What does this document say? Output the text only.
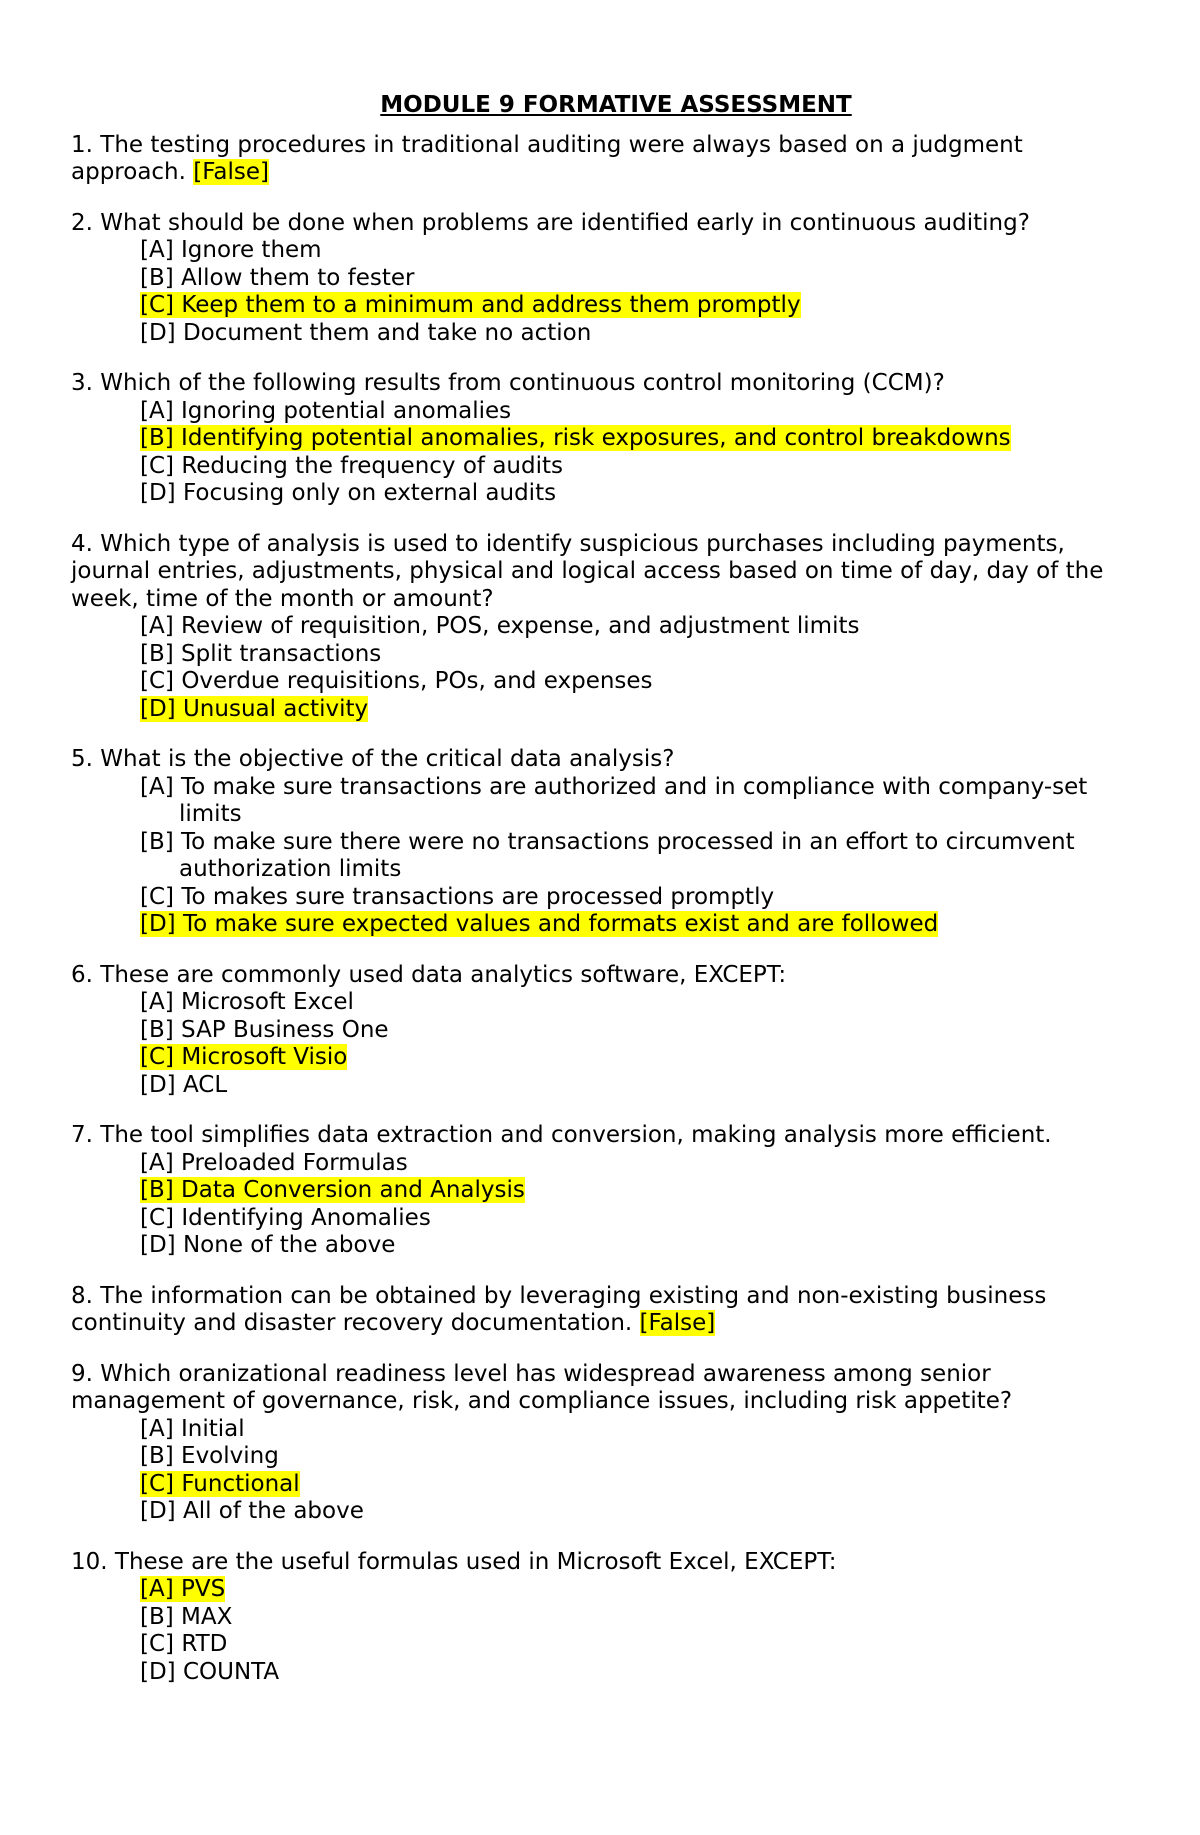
MODULE 9 FORMATIVE ASSESSMENT

1. The testing procedures in traditional auditing were always based on a judgment approach. [False]

2. What should be done when problems are identified early in continuous auditing?

[A] Ignore them
[B] Allow them to fester
[C] Keep them to a minimum and address them promptly
[D] Document them and take no action

3. Which of the following results from continuous control monitoring (CCM)?

[A] Ignoring potential anomalies
[B] Identifying potential anomalies, risk exposures, and control breakdowns
[C] Reducing the frequency of audits
[D] Focusing only on external audits

4. Which type of analysis is used to identify suspicious purchases including payments, journal entries, adjustments, physical and logical access based on time of day, day of the week, time of the month or amount?

[A] Review of requisition, POS, expense, and adjustment limits
[B] Split transactions
[C] Overdue requisitions, POs, and expenses
[D] Unusual activity

5. What is the objective of the critical data analysis?

[A] To make sure transactions are authorized and in compliance with company-set limits
[B] To make sure there were no transactions processed in an effort to circumvent authorization limits
[C] To makes sure transactions are processed promptly
[D] To make sure expected values and formats exist and are followed

6. These are commonly used data analytics software, EXCEPT:

[A] Microsoft Excel
[B] SAP Business One
[C] Microsoft Visio
[D] ACL

7. The tool simplifies data extraction and conversion, making analysis more efficient.

[A] Preloaded Formulas
[B] Data Conversion and Analysis
[C] Identifying Anomalies
[D] None of the above

8. The information can be obtained by leveraging existing and non-existing business continuity and disaster recovery documentation. [False]

9. Which oranizational readiness level has widespread awareness among senior management of governance, risk, and compliance issues, including risk appetite?

[A] Initial
[B] Evolving
[C] Functional
[D] All of the above

10. These are the useful formulas used in Microsoft Excel, EXCEPT:

[A] PVS
[B] MAX
[C] RTD
[D] COUNTA
